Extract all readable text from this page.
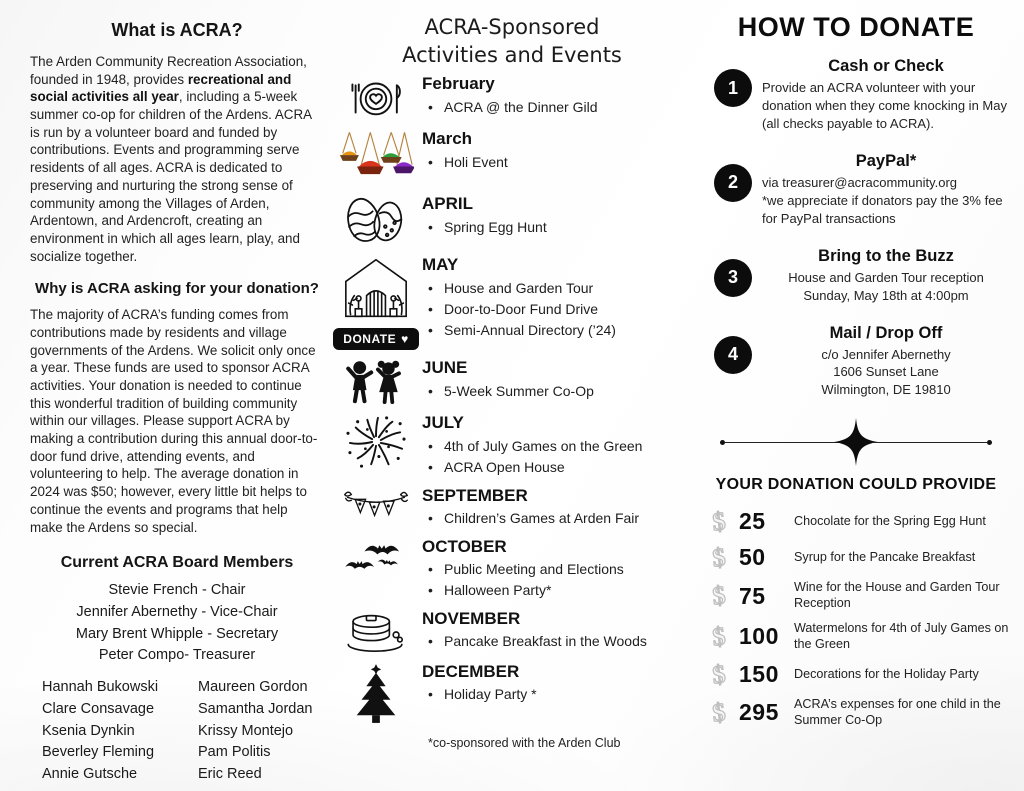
What is ACRA?

The Arden Community Recreation Association, founded in 1948, provides recreational and social activities all year, including a 5-week summer co-op for children of the Ardens. ACRA is run by a volunteer board and funded by contributions. Events and programming serve residents of all ages. ACRA is dedicated to preserving and nurturing the strong sense of community among the Villages of Arden, Ardentown, and Ardencroft, creating an environment in which all ages learn, play, and socialize together.

Why is ACRA asking for your donation?

The majority of ACRA’s funding comes from contributions made by residents and village governments of the Ardens. We solicit only once a year. These funds are used to sponsor ACRA activities. Your donation is needed to continue this wonderful tradition of building community within our villages. Please support ACRA by making a contribution during this annual door-to-door fund drive, attending events, and volunteering to help. The average donation in 2024 was $50; however, every little bit helps to continue the events and programs that help make the Ardens so special.

Current ACRA Board Members
Stevie French - Chair
Jennifer Abernethy - Vice-Chair
Mary Brent Whipple - Secretary
Peter Compo- Treasurer
Hannah Bukowski
Clare Consavage
Ksenia Dynkin
Beverley Fleming
Annie Gutsche
Maureen Gordon
Samantha Jordan
Krissy Montejo
Pam Politis
Eric Reed
ACRA-Sponsored
Activities and Events
February
• ACRA @ the Dinner Gild
March
• Holi Event
APRIL
• Spring Egg Hunt
DONATE ♥
MAY
• House and Garden Tour
• Door-to-Door Fund Drive
• Semi-Annual Directory (’24)
JUNE
• 5-Week Summer Co-Op
JULY
• 4th of July Games on the Green
• ACRA Open House
SEPTEMBER
• Children’s Games at Arden Fair
OCTOBER
• Public Meeting and Elections
• Halloween Party*
NOVEMBER
• Pancake Breakfast in the Woods
DECEMBER
• Holiday Party *
*co-sponsored with the Arden Club
HOW TO DONATE
1
Cash or Check
Provide an ACRA volunteer with your donation when they come knocking in May (all checks payable to ACRA).
2
PayPal*
via treasurer@acracommunity.org
*we appreciate if donators pay the 3% fee for PayPal transactions
3
Bring to the Buzz
House and Garden Tour reception
Sunday, May 18th at 4:00pm
4
Mail / Drop Off
c/o Jennifer Abernethy
1606 Sunset Lane
Wilmington, DE 19810
YOUR DONATION COULD PROVIDE
$ 25	Chocolate for the Spring Egg Hunt
$ 50	Syrup for the Pancake Breakfast
$ 75	Wine for the House and Garden Tour Reception
$ 100	Watermelons for 4th of July Games on the Green
$ 150	Decorations for the Holiday Party
$ 295	ACRA’s expenses for one child in the Summer Co-Op
